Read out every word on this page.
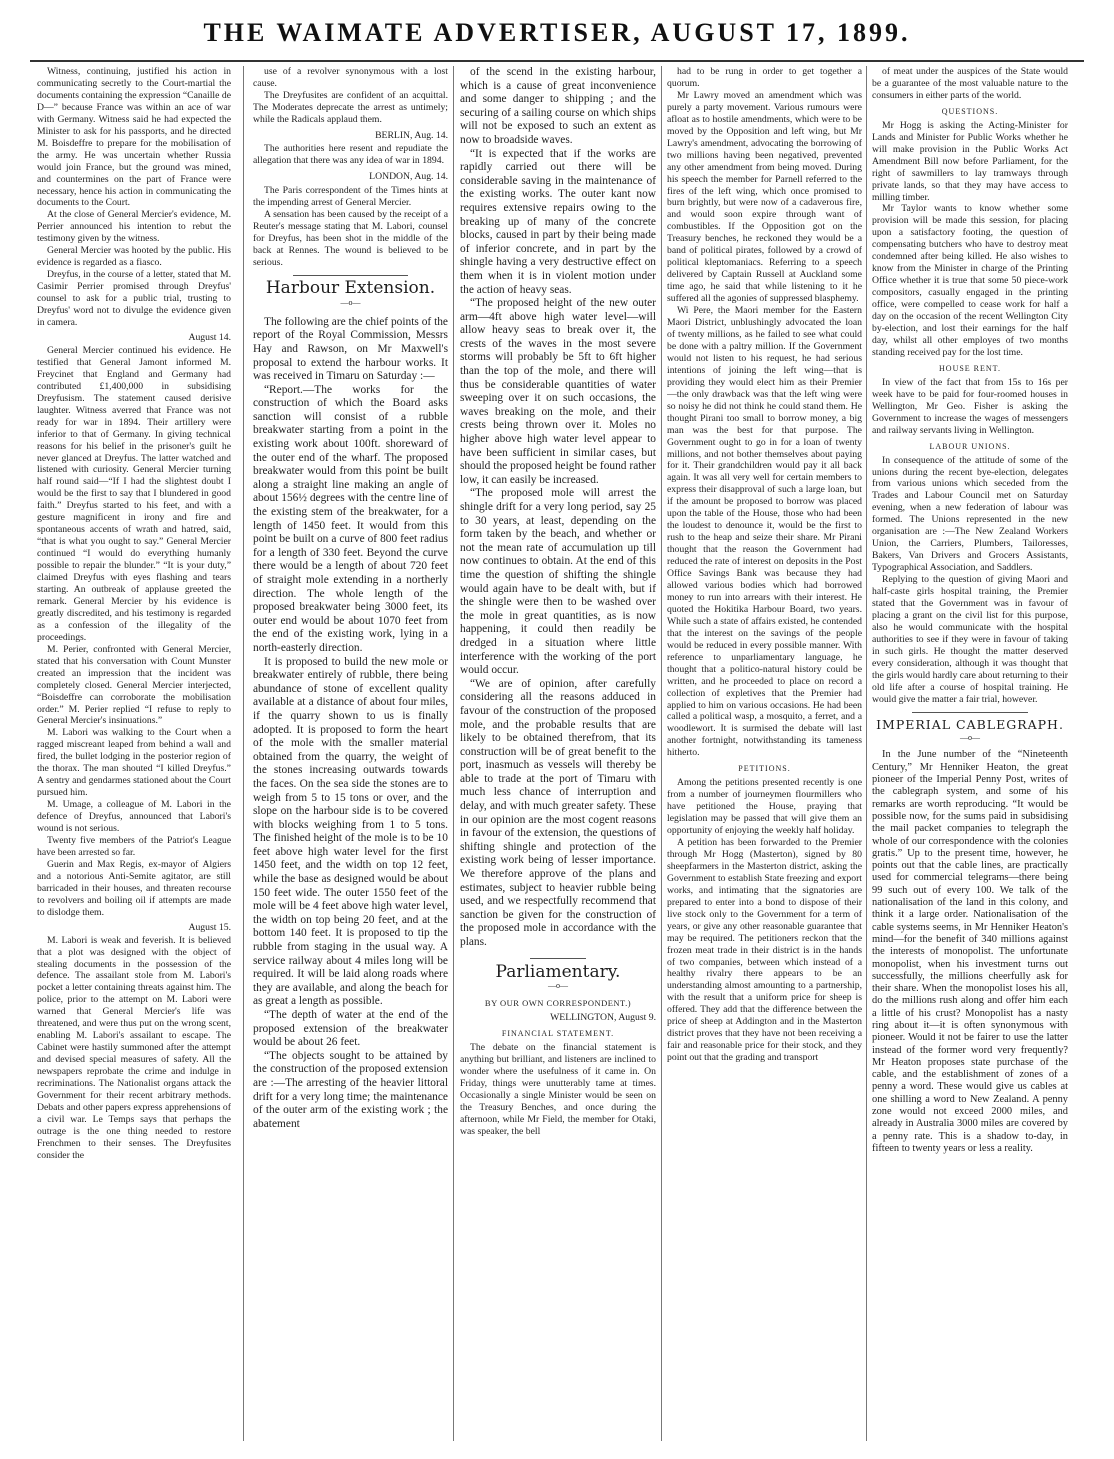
THE WAIMATE ADVERTISER, AUGUST 17, 1899.

Witness, continuing, justified his action in communicating secretly to the Court-martial the documents containing the expression “Canaille de D—” because France was within an ace of war with Germany. Witness said he had expected the Minister to ask for his passports, and he directed M. Boisdeffre to prepare for the mobilisation of the army. He was uncertain whether Russia would join France, but the ground was mined, and countermines on the part of France were necessary, hence his action in communicating the documents to the Court.

At the close of General Mercier's evidence, M. Perrier announced his intention to rebut the testimony given by the witness.

General Mercier was hooted by the public. His evidence is regarded as a fiasco.

Dreyfus, in the course of a letter, stated that M. Casimir Perrier promised through Dreyfus' counsel to ask for a public trial, trusting to Dreyfus' word not to divulge the evidence given in camera.

August 14.

General Mercier continued his evidence. He testified that General Jamont informed M. Freycinet that England and Germany had contributed £1,400,000 in subsidising Dreyfusism. The statement caused derisive laughter. Witness averred that France was not ready for war in 1894. Their artillery were inferior to that of Germany. In giving technical reasons for his belief in the prisoner's guilt he never glanced at Dreyfus. The latter watched and listened with curiosity. General Mercier turning half round said—“If I had the slightest doubt I would be the first to say that I blundered in good faith.” Dreyfus started to his feet, and with a gesture magnificent in irony and fire and spontaneous accents of wrath and hatred, said, “that is what you ought to say.” General Mercier continued “I would do everything humanly possible to repair the blunder.” “It is your duty,” claimed Dreyfus with eyes flashing and tears starting. An outbreak of applause greeted the remark. General Mercier by his evidence is greatly discredited, and his testimony is regarded as a confession of the illegality of the proceedings.

M. Perier, confronted with General Mercier, stated that his conversation with Count Munster created an impression that the incident was completely closed. General Mercier interjected, “Boisdeffre can corroborate the mobilisation order.” M. Perier replied “I refuse to reply to General Mercier's insinuations.”

M. Labori was walking to the Court when a ragged miscreant leaped from behind a wall and fired, the bullet lodging in the posterior region of the thorax. The man shouted “I killed Dreyfus.” A sentry and gendarmes stationed about the Court pursued him.

M. Umage, a colleague of M. Labori in the defence of Dreyfus, announced that Labori's wound is not serious.

Twenty five members of the Patriot's League have been arrested so far.

Guerin and Max Regis, ex-mayor of Algiers and a notorious Anti-Semite agitator, are still barricaded in their houses, and threaten recourse to revolvers and boiling oil if attempts are made to dislodge them.

August 15.

M. Labori is weak and feverish. It is believed that a plot was designed with the object of stealing documents in the possession of the defence. The assailant stole from M. Labori's pocket a letter containing threats against him. The police, prior to the attempt on M. Labori were warned that General Mercier's life was threatened, and were thus put on the wrong scent, enabling M. Labori's assailant to escape. The Cabinet were hastily summoned after the attempt and devised special measures of safety. All the newspapers reprobate the crime and indulge in recriminations. The Nationalist organs attack the Government for their recent arbitrary methods. Debats and other papers express apprehensions of a civil war. Le Temps says that perhaps the outrage is the one thing needed to restore Frenchmen to their senses. The Dreyfusites consider the

use of a revolver synonymous with a lost cause.

The Dreyfusites are confident of an acquittal. The Moderates deprecate the arrest as untimely; while the Radicals applaud them.

BERLIN, Aug. 14.

The authorities here resent and repudiate the allegation that there was any idea of war in 1894.

LONDON, Aug. 14.

The Paris correspondent of the Times hints at the impending arrest of General Mercier.

A sensation has been caused by the receipt of a Reuter's message stating that M. Labori, counsel for Dreyfus, has been shot in the middle of the back at Rennes. The wound is believed to be serious.

Harbour Extension.
—o—

The following are the chief points of the report of the Royal Commission, Messrs Hay and Rawson, on Mr Maxwell's proposal to extend the harbour works. It was received in Timaru on Saturday :—

“Report.—The works for the construction of which the Board asks sanction will consist of a rubble breakwater starting from a point in the existing work about 100ft. shoreward of the outer end of the wharf. The proposed breakwater would from this point be built along a straight line making an angle of about 156½ degrees with the centre line of the existing stem of the breakwater, for a length of 1450 feet. It would from this point be built on a curve of 800 feet radius for a length of 330 feet. Beyond the curve there would be a length of about 720 feet of straight mole extending in a northerly direction. The whole length of the proposed breakwater being 3000 feet, its outer end would be about 1070 feet from the end of the existing work, lying in a north-easterly direction.

It is proposed to build the new mole or breakwater entirely of rubble, there being abundance of stone of excellent quality available at a distance of about four miles, if the quarry shown to us is finally adopted. It is proposed to form the heart of the mole with the smaller material obtained from the quarry, the weight of the stones increasing outwards towards the faces. On the sea side the stones are to weigh from 5 to 15 tons or over, and the slope on the harbour side is to be covered with blocks weighing from 1 to 5 tons. The finished height of the mole is to be 10 feet above high water level for the first 1450 feet, and the width on top 12 feet, while the base as designed would be about 150 feet wide. The outer 1550 feet of the mole will be 4 feet above high water level, the width on top being 20 feet, and at the bottom 140 feet. It is proposed to tip the rubble from staging in the usual way. A service railway about 4 miles long will be required. It will be laid along roads where they are available, and along the beach for as great a length as possible.

“The depth of water at the end of the proposed extension of the breakwater would be about 26 feet.

“The objects sought to be attained by the construction of the proposed extension are :—The arresting of the heavier littoral drift for a very long time; the maintenance of the outer arm of the existing work ; the abatement

of the scend in the existing harbour, which is a cause of great inconvenience and some danger to shipping ; and the securing of a sailing course on which ships will not be exposed to such an extent as now to broadside waves.

“It is expected that if the works are rapidly carried out there will be considerable saving in the maintenance of the existing works. The outer kant now requires extensive repairs owing to the breaking up of many of the concrete blocks, caused in part by their being made of inferior concrete, and in part by the shingle having a very destructive effect on them when it is in violent motion under the action of heavy seas.

“The proposed height of the new outer arm—4ft above high water level—will allow heavy seas to break over it, the crests of the waves in the most severe storms will probably be 5ft to 6ft higher than the top of the mole, and there will thus be considerable quantities of water sweeping over it on such occasions, the waves breaking on the mole, and their crests being thrown over it. Moles no higher above high water level appear to have been sufficient in similar cases, but should the proposed height be found rather low, it can easily be increased.

“The proposed mole will arrest the shingle drift for a very long period, say 25 to 30 years, at least, depending on the form taken by the beach, and whether or not the mean rate of accumulation up till now continues to obtain. At the end of this time the question of shifting the shingle would again have to be dealt with, but if the shingle were then to be washed over the mole in great quantities, as is now happening, it could then readily be dredged in a situation where little interference with the working of the port would occur.

“We are of opinion, after carefully considering all the reasons adduced in favour of the construction of the proposed mole, and the probable results that are likely to be obtained therefrom, that its construction will be of great benefit to the port, inasmuch as vessels will thereby be able to trade at the port of Timaru with much less chance of interruption and delay, and with much greater safety. These in our opinion are the most cogent reasons in favour of the extension, the questions of shifting shingle and protection of the existing work being of lesser importance. We therefore approve of the plans and estimates, subject to heavier rubble being used, and we respectfully recommend that sanction be given for the construction of the proposed mole in accordance with the plans.

Parliamentary.
—o—
BY OUR OWN CORRESPONDENT.)
WELLINGTON, August 9.
FINANCIAL STATEMENT.

The debate on the financial statement is anything but brilliant, and listeners are inclined to wonder where the usefulness of it came in. On Friday, things were unutterably tame at times. Occasionally a single Minister would be seen on the Treasury Benches, and once during the afternoon, while Mr Field, the member for Otaki, was speaker, the bell

had to be rung in order to get together a quorum.

Mr Lawry moved an amendment which was purely a party movement. Various rumours were afloat as to hostile amendments, which were to be moved by the Opposition and left wing, but Mr Lawry's amendment, advocating the borrowing of two millions having been negatived, prevented any other amendment from being moved. During his speech the member for Parnell referred to the fires of the left wing, which once promised to burn brightly, but were now of a cadaverous fire, and would soon expire through want of combustibles. If the Opposition got on the Treasury benches, he reckoned they would be a band of political pirates, followed by a crowd of political kleptomaniacs. Referring to a speech delivered by Captain Russell at Auckland some time ago, he said that while listening to it he suffered all the agonies of suppressed blasphemy.

Wi Pere, the Maori member for the Eastern Maori District, unblushingly advocated the loan of twenty millions, as he failed to see what could be done with a paltry million. If the Government would not listen to his request, he had serious intentions of joining the left wing—that is providing they would elect him as their Premier—the only drawback was that the left wing were so noisy he did not think he could stand them. He thought Pirani too small to borrow money, a big man was the best for that purpose. The Government ought to go in for a loan of twenty millions, and not bother themselves about paying for it. Their grandchildren would pay it all back again. It was all very well for certain members to express their disapproval of such a large loan, but if the amount be proposed to borrow was placed upon the table of the House, those who had been the loudest to denounce it, would be the first to rush to the heap and seize their share. Mr Pirani thought that the reason the Government had reduced the rate of interest on deposits in the Post Office Savings Bank was because they had allowed various bodies which had borrowed money to run into arrears with their interest. He quoted the Hokitika Harbour Board, two years. While such a state of affairs existed, he contended that the interest on the savings of the people would be reduced in every possible manner. With reference to unparliamentary language, he thought that a politico-natural history could be written, and he proceeded to place on record a collection of expletives that the Premier had applied to him on various occasions. He had been called a political wasp, a mosquito, a ferret, and a woodlewort. It is surmised the debate will last another fortnight, notwithstanding its tameness hitherto.

PETITIONS.

Among the petitions presented recently is one from a number of journeymen flourmillers who have petitioned the House, praying that legislation may be passed that will give them an opportunity of enjoying the weekly half holiday.

A petition has been forwarded to the Premier through Mr Hogg (Masterton), signed by 80 sheepfarmers in the Masterton district, asking the Government to establish State freezing and export works, and intimating that the signatories are prepared to enter into a bond to dispose of their live stock only to the Government for a term of years, or give any other reasonable guarantee that may be required. The petitioners reckon that the frozen meat trade in their district is in the hands of two companies, between which instead of a healthy rivalry there appears to be an understanding almost amounting to a partnership, with the result that a uniform price for sheep is offered. They add that the difference between the price of sheep at Addington and in the Masterton district proves that they have not been receiving a fair and reasonable price for their stock, and they point out that the grading and transport

of meat under the auspices of the State would be a guarantee of the most valuable nature to the consumers in either parts of the world.

QUESTIONS.

Mr Hogg is asking the Acting-Minister for Lands and Minister for Public Works whether he will make provision in the Public Works Act Amendment Bill now before Parliament, for the right of sawmillers to lay tramways through private lands, so that they may have access to milling timber.

Mr Taylor wants to know whether some provision will be made this session, for placing upon a satisfactory footing, the question of compensating butchers who have to destroy meat condemned after being killed. He also wishes to know from the Minister in charge of the Printing Office whether it is true that some 50 piece-work compositors, casually engaged in the printing office, were compelled to cease work for half a day on the occasion of the recent Wellington City by-election, and lost their earnings for the half day, whilst all other employes of two months standing received pay for the lost time.

HOUSE RENT.

In view of the fact that from 15s to 16s per week have to be paid for four-roomed houses in Wellington, Mr Geo. Fisher is asking the Government to increase the wages of messengers and railway servants living in Wellington.

LABOUR UNIONS.

In consequence of the attitude of some of the unions during the recent bye-election, delegates from various unions which seceded from the Trades and Labour Council met on Saturday evening, when a new federation of labour was formed. The Unions represented in the new organisation are :—The New Zealand Workers Union, the Carriers, Plumbers, Tailoresses, Bakers, Van Drivers and Grocers Assistants, Typographical Association, and Saddlers.

Replying to the question of giving Maori and half-caste girls hospital training, the Premier stated that the Government was in favour of placing a grant on the civil list for this purpose, also he would communicate with the hospital authorities to see if they were in favour of taking in such girls. He thought the matter deserved every consideration, although it was thought that the girls would hardly care about returning to their old life after a course of hospital training. He would give the matter a fair trial, however.

IMPERIAL CABLEGRAPH.
—o—

In the June number of the “Nineteenth Century,” Mr Henniker Heaton, the great pioneer of the Imperial Penny Post, writes of the cablegraph system, and some of his remarks are worth reproducing. “It would be possible now, for the sums paid in subsidising the mail packet companies to telegraph the whole of our correspondence with the colonies gratis.” Up to the present time, however, he points out that the cable lines, are practically used for commercial telegrams—there being 99 such out of every 100. We talk of the nationalisation of the land in this colony, and think it a large order. Nationalisation of the cable systems seems, in Mr Henniker Heaton's mind—for the benefit of 340 millions against the interests of monopolist. The unfortunate monopolist, when his investment turns out successfully, the millions cheerfully ask for their share. When the monopolist loses his all, do the millions rush along and offer him each a little of his crust? Monopolist has a nasty ring about it—it is often synonymous with pioneer. Would it not be fairer to use the latter instead of the former word very frequently? Mr Heaton proposes state purchase of the cable, and the establishment of zones of a penny a word. These would give us cables at one shilling a word to New Zealand. A penny zone would not exceed 2000 miles, and already in Australia 3000 miles are covered by a penny rate. This is a shadow to-day, in fifteen to twenty years or less a reality.
